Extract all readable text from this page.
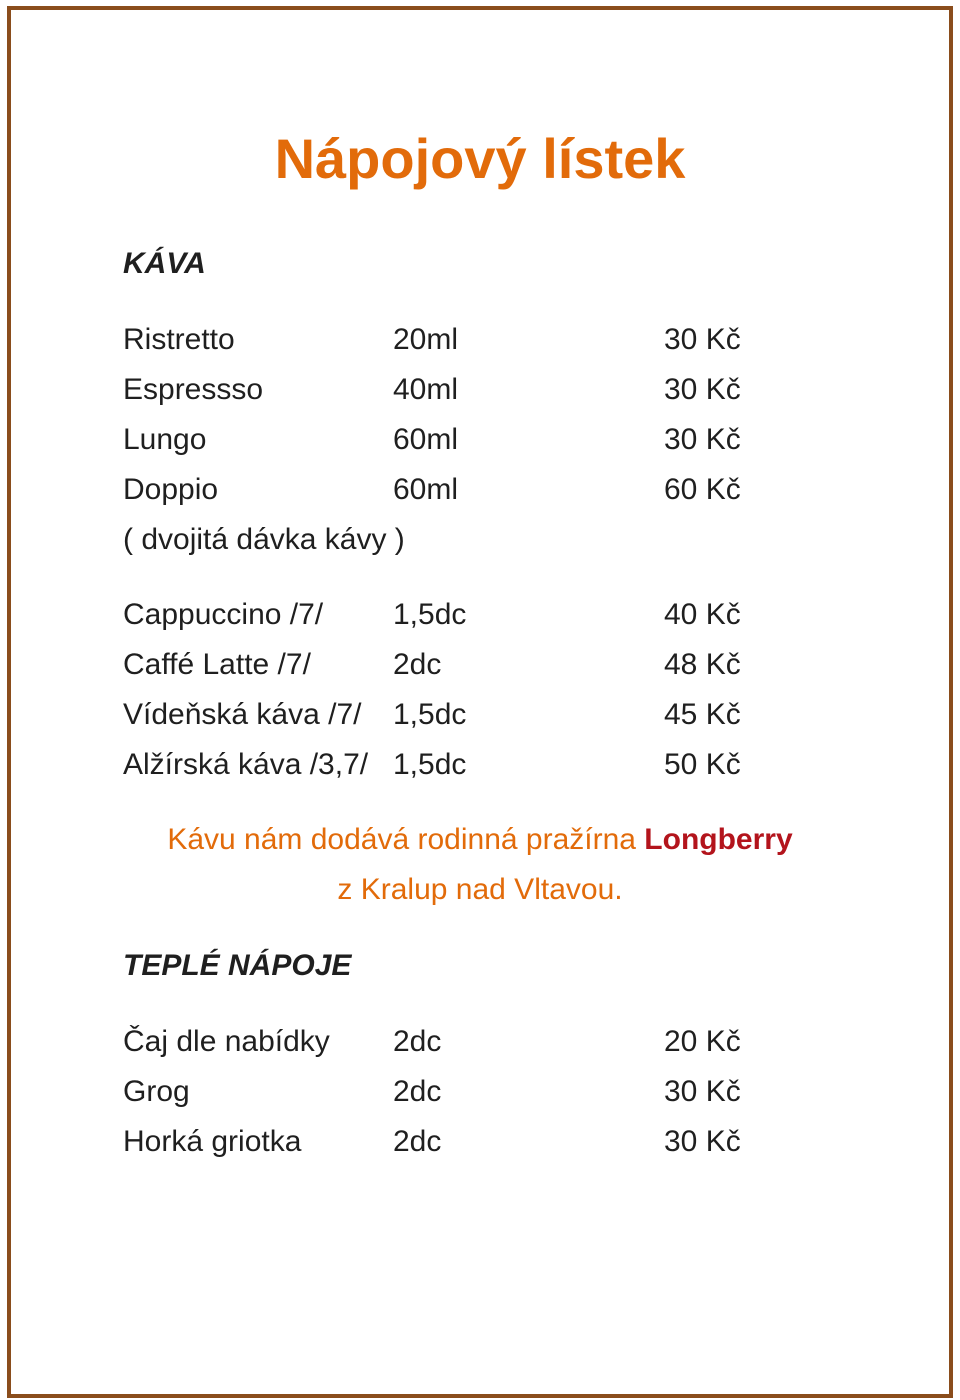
Nápojový lístek
KÁVA
Ristretto	20ml	30 Kč
Espressso	40ml	30 Kč
Lungo	60ml	30 Kč
Doppio	60ml	60 Kč
( dvojitá dávka kávy )
Cappuccino /7/ 1,5dc	40 Kč
Caffé Latte /7/	2dc	48 Kč
Vídeňská káva /7/ 1,5dc	45 Kč
Alžírská káva /3,7/ 1,5dc	50 Kč
Kávu nám dodává rodinná pražírna Longberry
z Kralup nad Vltavou.
TEPLÉ NÁPOJE
Čaj dle nabídky 2dc	20 Kč
Grog	2dc	30 Kč
Horká griotka	2dc	30 Kč
